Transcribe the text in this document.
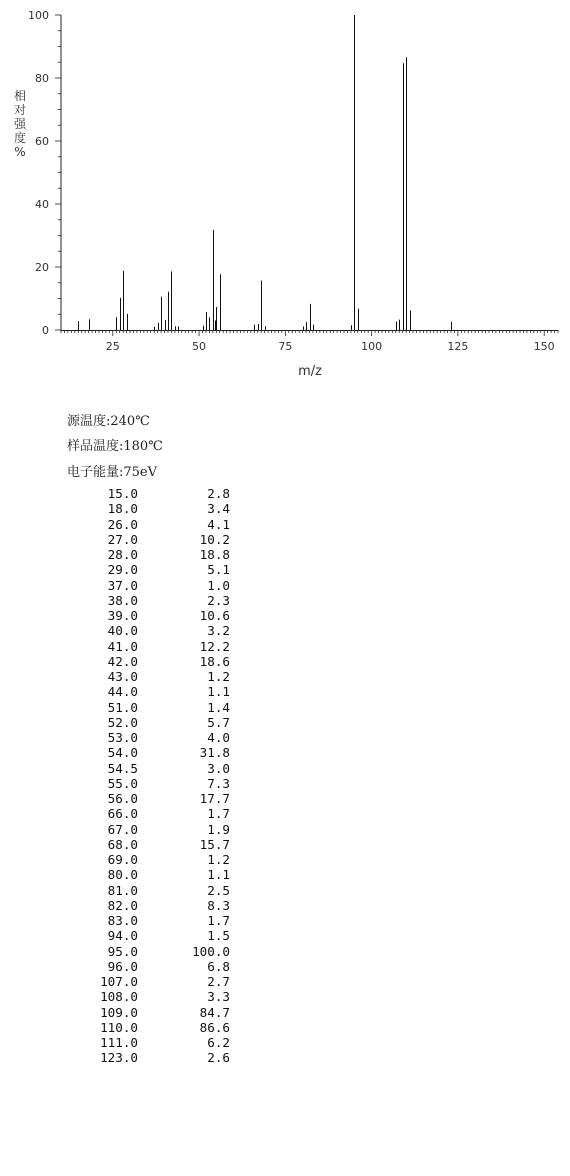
25	50	75	100	125	150
0
20
40
60
80
100
m/z
相对强度%
源温度:240℃
样品温度:180℃
电子能量:75eV
15.0	2.8
18.0	3.4
26.0	4.1
27.0	10.2
28.0	18.8
29.0	5.1
37.0	1.0
38.0	2.3
39.0	10.6
40.0	3.2
41.0	12.2
42.0	18.6
43.0	1.2
44.0	1.1
51.0	1.4
52.0	5.7
53.0	4.0
54.0	31.8
54.5	3.0
55.0	7.3
56.0	17.7
66.0	1.7
67.0	1.9
68.0	15.7
69.0	1.2
80.0	1.1
81.0	2.5
82.0	8.3
83.0	1.7
94.0	1.5
95.0	100.0
96.0	6.8
107.0	2.7
108.0	3.3
109.0	84.7
110.0	86.6
111.0	6.2
123.0	2.6
